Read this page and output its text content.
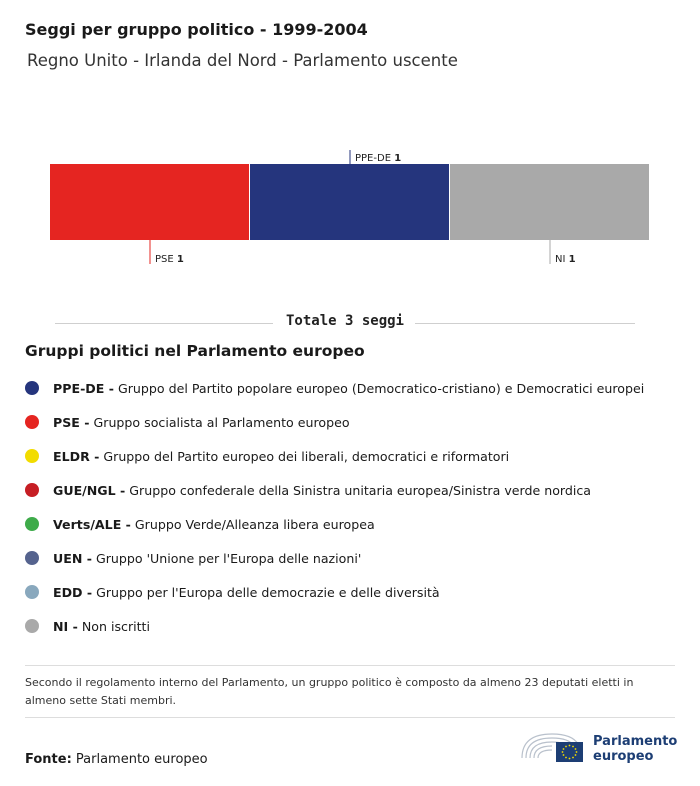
Seggi per gruppo politico - 1999-2004
Regno Unito - Irlanda del Nord - Parlamento uscente
PSE 1
PPE-DE 1
NI 1
Totale 3 seggi
Gruppi politici nel Parlamento europeo
PPE-DE - Gruppo del Partito popolare europeo (Democratico-cristiano) e Democratici europei
PSE - Gruppo socialista al Parlamento europeo
ELDR - Gruppo del Partito europeo dei liberali, democratici e riformatori
GUE/NGL - Gruppo confederale della Sinistra unitaria europea/Sinistra verde nordica
Verts/ALE - Gruppo Verde/Alleanza libera europea
UEN - Gruppo 'Unione per l'Europa delle nazioni'
EDD - Gruppo per l'Europa delle democrazie e delle diversità
NI - Non iscritti
Secondo il regolamento interno del Parlamento, un gruppo politico è composto da almeno 23 deputati eletti in almeno sette Stati membri.
Fonte: Parlamento europeo
Parlamento
europeo
